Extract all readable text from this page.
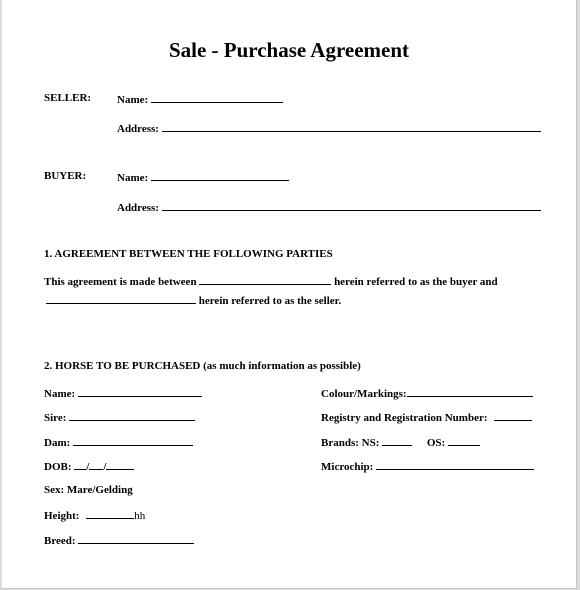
Sale - Purchase Agreement
SELLER: Name:
Address:
BUYER:	Name:
Address:
1. AGREEMENT BETWEEN THE FOLLOWING PARTIES
This agreement is made between	herein referred to as the buyer and
herein referred to as the seller.
2. HORSE TO BE PURCHASED (as much information as possible)
Name:
Sire:
Dam:
DOB: / /
Sex: Mare/Gelding
Height:	hh
Breed:
Colour/Markings:
Registry and Registration Number:
Brands: NS:	OS:
Microchip:
